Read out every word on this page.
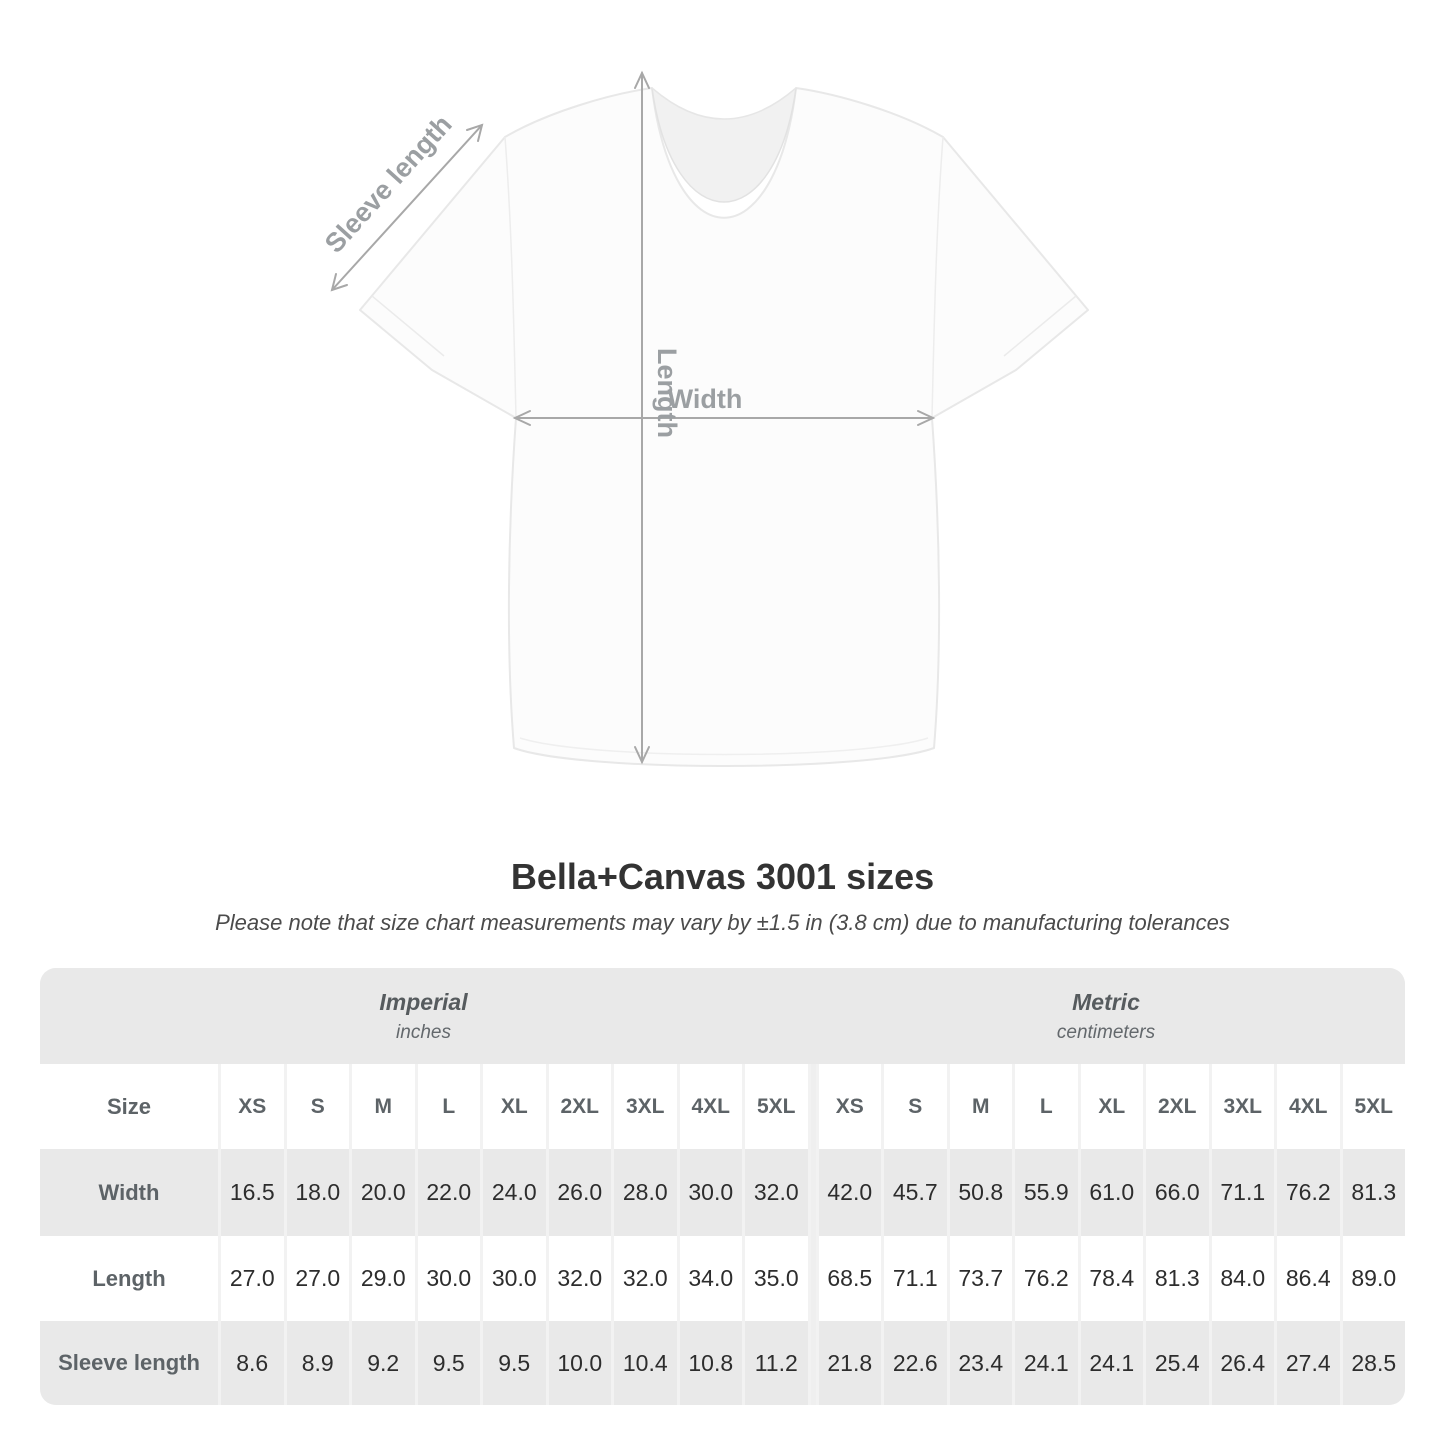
Sleeve length
Length
Width
Bella+Canvas 3001 sizes
Please note that size chart measurements may vary by ±1.5 in (3.8 cm) due to manufacturing tolerances
Imperial
inches
Metric
centimeters
Size	XS	S	M	L	XL	2XL	3XL	4XL	5XL	XS	S	M	L	XL	2XL	3XL	4XL	5XL
Width	16.5 18.0 20.0 22.0 24.0 26.0 28.0 30.0 32.0	42.0 45.7 50.8 55.9 61.0 66.0 71.1 76.2 81.3
Length	27.0 27.0 29.0 30.0 30.0 32.0 32.0 34.0 35.0	68.5 71.1 73.7 76.2 78.4 81.3 84.0 86.4 89.0
Sleeve length	8.6	8.9	9.2	9.5	9.5	10.0 10.4 10.8 11.2	21.8 22.6 23.4 24.1 24.1 25.4 26.4 27.4 28.5
